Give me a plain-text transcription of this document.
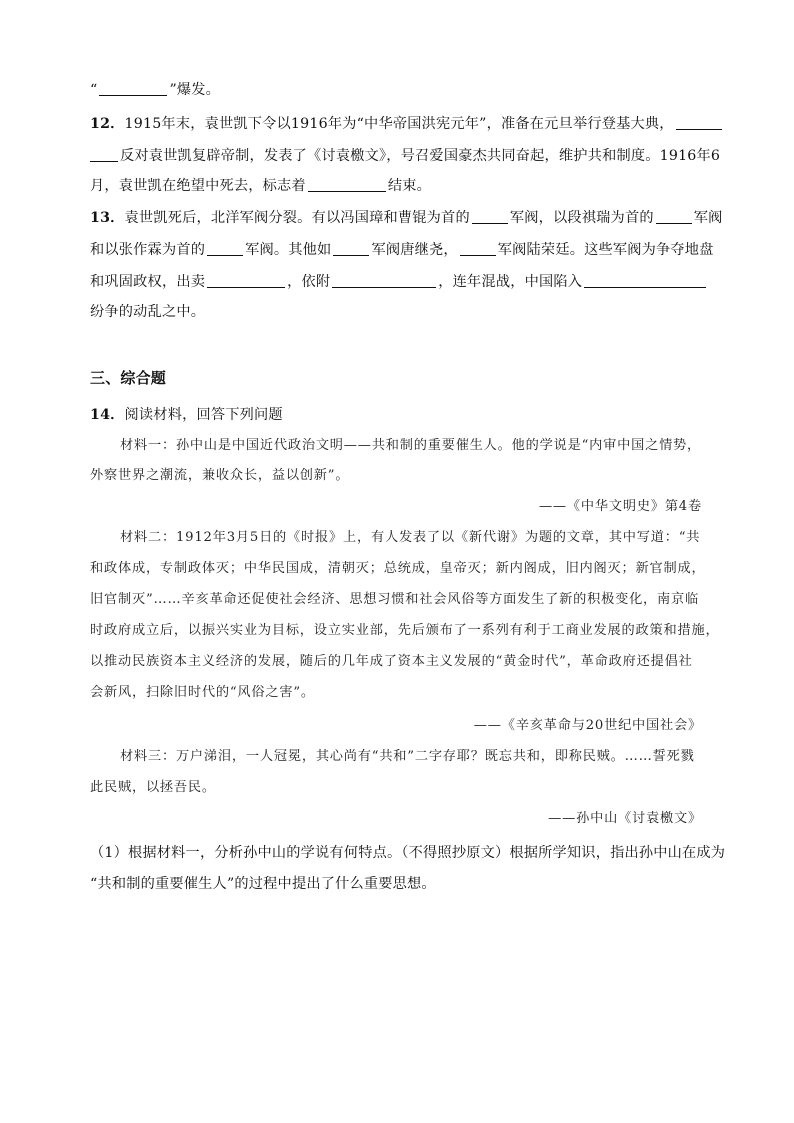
“	”爆发。
12．1915年末，袁世凯下令以1916年为“中华帝国洪宪元年”，准备在元旦举行登基大典，
反对袁世凯复辟帝制，发表了《讨袁檄文》，号召爱国豪杰共同奋起，维护共和制度。1916年6
月，袁世凯在绝望中死去，标志着	结束。
13．袁世凯死后，北洋军阀分裂。有以冯国璋和曹锟为首的	军阀，以段祺瑞为首的	军阀
和以张作霖为首的	军阀。其他如	军阀唐继尧，	军阀陆荣廷。这些军阀为争夺地盘
和巩固政权，出卖	，依附	，连年混战，中国陷入
纷争的动乱之中。
三、综合题
14．阅读材料，回答下列问题
材料一：孙中山是中国近代政治文明——共和制的重要催生人。他的学说是“内审中国之情势，
外察世界之潮流，兼收众长，益以创新”。
——《中华文明史》第4卷
材料二：1912年3月5日的《时报》上，有人发表了以《新代谢》为题的文章，其中写道：“共
和政体成，专制政体灭；中华民国成，清朝灭；总统成，皇帝灭；新内阁成，旧内阁灭；新官制成，
旧官制灭”……辛亥革命还促使社会经济、思想习惯和社会风俗等方面发生了新的积极变化，南京临
时政府成立后，以振兴实业为目标，设立实业部，先后颁布了一系列有利于工商业发展的政策和措施，
以推动民族资本主义经济的发展，随后的几年成了资本主义发展的“黄金时代”，革命政府还提倡社
会新风，扫除旧时代的“风俗之害”。
——《辛亥革命与20世纪中国社会》
材料三：万户涕泪，一人冠冕，其心尚有“共和”二字存耶？既忘共和，即称民贼。……誓死戮
此民贼，以拯吾民。
——孙中山《讨袁檄文》
（1）根据材料一，分析孙中山的学说有何特点。（不得照抄原文）根据所学知识，指出孙中山在成为
“共和制的重要催生人”的过程中提出了什么重要思想。
